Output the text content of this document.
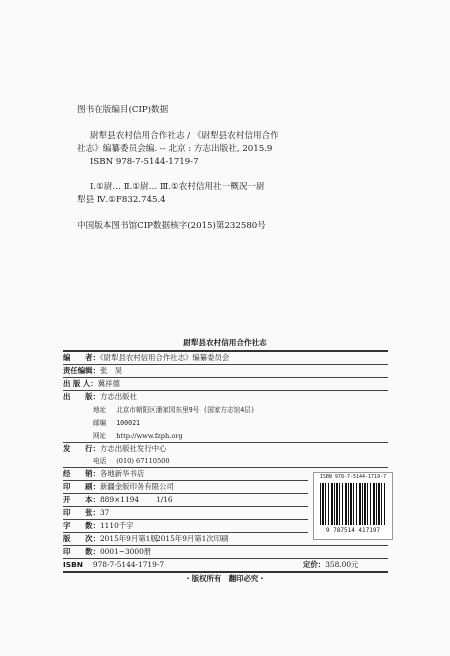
图书在版编目(CIP)数据
尉犁县农村信用合作社志 / 《尉犁县农村信用合作
社志》编纂委员会编. -- 北京 : 方志出版社, 2015.9
ISBN 978-7-5144-1719-7
Ⅰ.①尉… Ⅱ.①尉… Ⅲ.①农村信用社一概况一尉
犁县 Ⅳ.①F832.745.4
中国版本图书馆CIP数据核字(2015)第232580号
尉犁县农村信用合作社志
编　　者：《尉犁县农村信用合作社志》编纂委员会
责任编辑：张　昊
出 版 人：冀祥德
出　　版：方志出版社
地址 北京市朝阳区潘家园东里9号 (国家方志馆4层)
邮编 100021
网址 http://www.fzph.org
发　　行：方志出版社发行中心
电话 (010) 67110500
经　　销：各地新华书店
印　　刷：新疆金版印务有限公司
开　　本：889×1194 1/16
印　　张：37
字　　数：1110千字
版　　次：2015年9月第1版
2015年9月第1次印刷
印　　数：0001~3000册
ISBN 978-7-5144-1719-7	定价：358.00元
・版权所有　翻印必究・
ISBN 978-7-5144-1719-7
9 787514 417197
